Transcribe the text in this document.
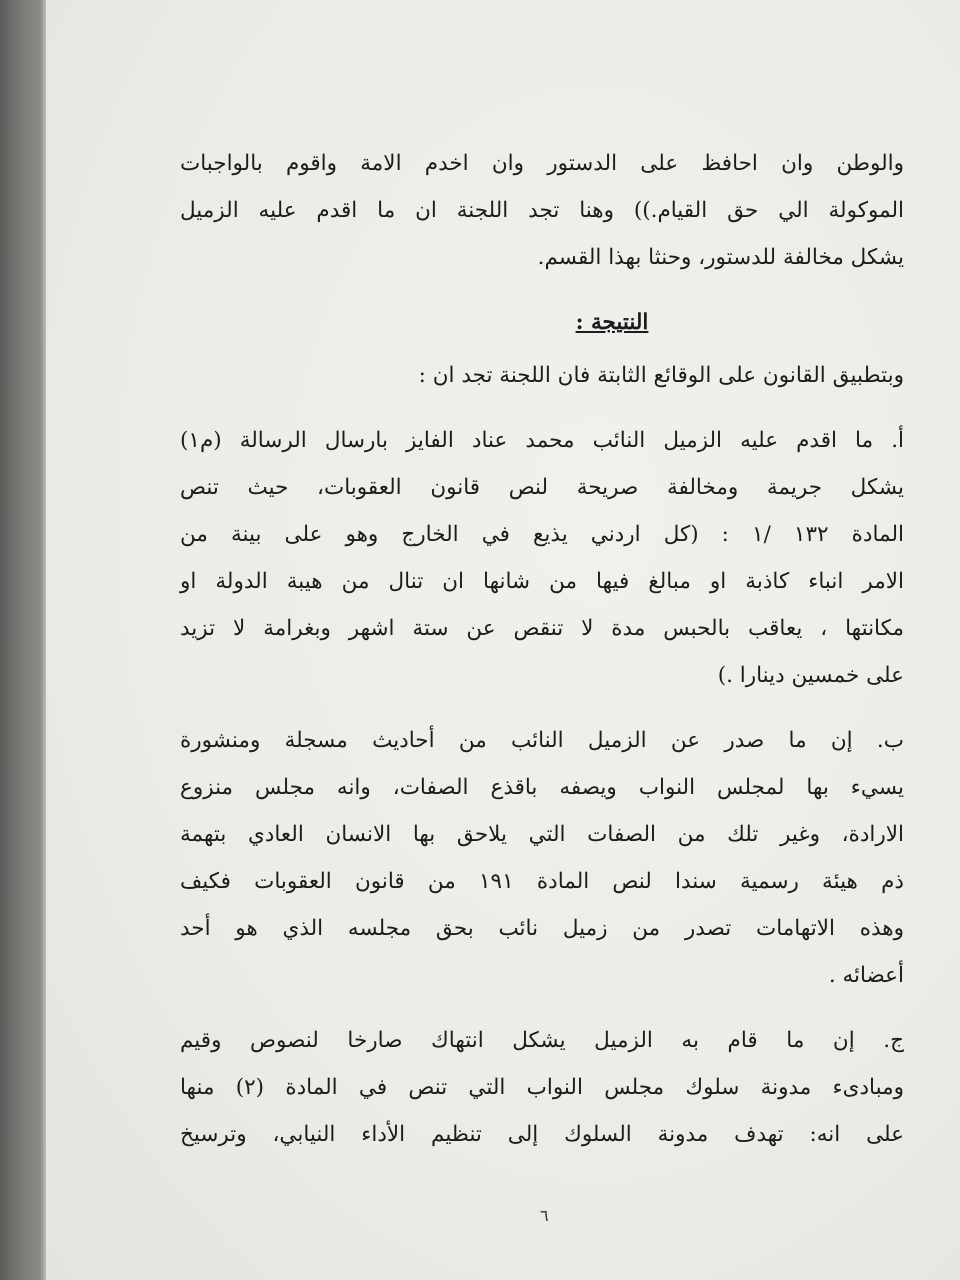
والوطن وان احافظ على الدستور وان اخدم الامة واقوم بالواجبات
الموكولة الي حق القيام.)) وهنا تجد اللجنة ان ما اقدم عليه الزميل
يشكل مخالفة للدستور، وحنثا بهذا القسم.
النتيجة :
وبتطبيق القانون على الوقائع الثابتة فان اللجنة تجد ان :
أ. ما اقدم عليه الزميل النائب محمد عناد الفايز بارسال الرسالة (م١)
يشكل جريمة ومخالفة صريحة لنص قانون العقوبات، حيث تنص
المادة ١٣٢ /١ : (كل اردني يذيع في الخارج وهو على بينة من
الامر انباء كاذبة او مبالغ فيها من شانها ان تنال من هيبة الدولة او
مكانتها ، يعاقب بالحبس مدة لا تنقص عن ستة اشهر وبغرامة لا تزيد
على خمسين دينارا .)
ب. إن ما صدر عن الزميل النائب من أحاديث مسجلة ومنشورة
يسيء بها لمجلس النواب ويصفه باقذع الصفات، وانه مجلس منزوع
الارادة، وغير تلك من الصفات التي يلاحق بها الانسان العادي بتهمة
ذم هيئة رسمية سندا لنص المادة ١٩١ من قانون العقوبات فكيف
وهذه الاتهامات تصدر من زميل نائب بحق مجلسه الذي هو أحد
أعضائه .
ج. إن ما قام به الزميل يشكل انتهاك صارخا لنصوص وقيم
ومبادىء مدونة سلوك مجلس النواب التي تنص في المادة (٢) منها
على انه: تهدف مدونة السلوك إلى تنظيم الأداء النيابي، وترسيخ
٦
